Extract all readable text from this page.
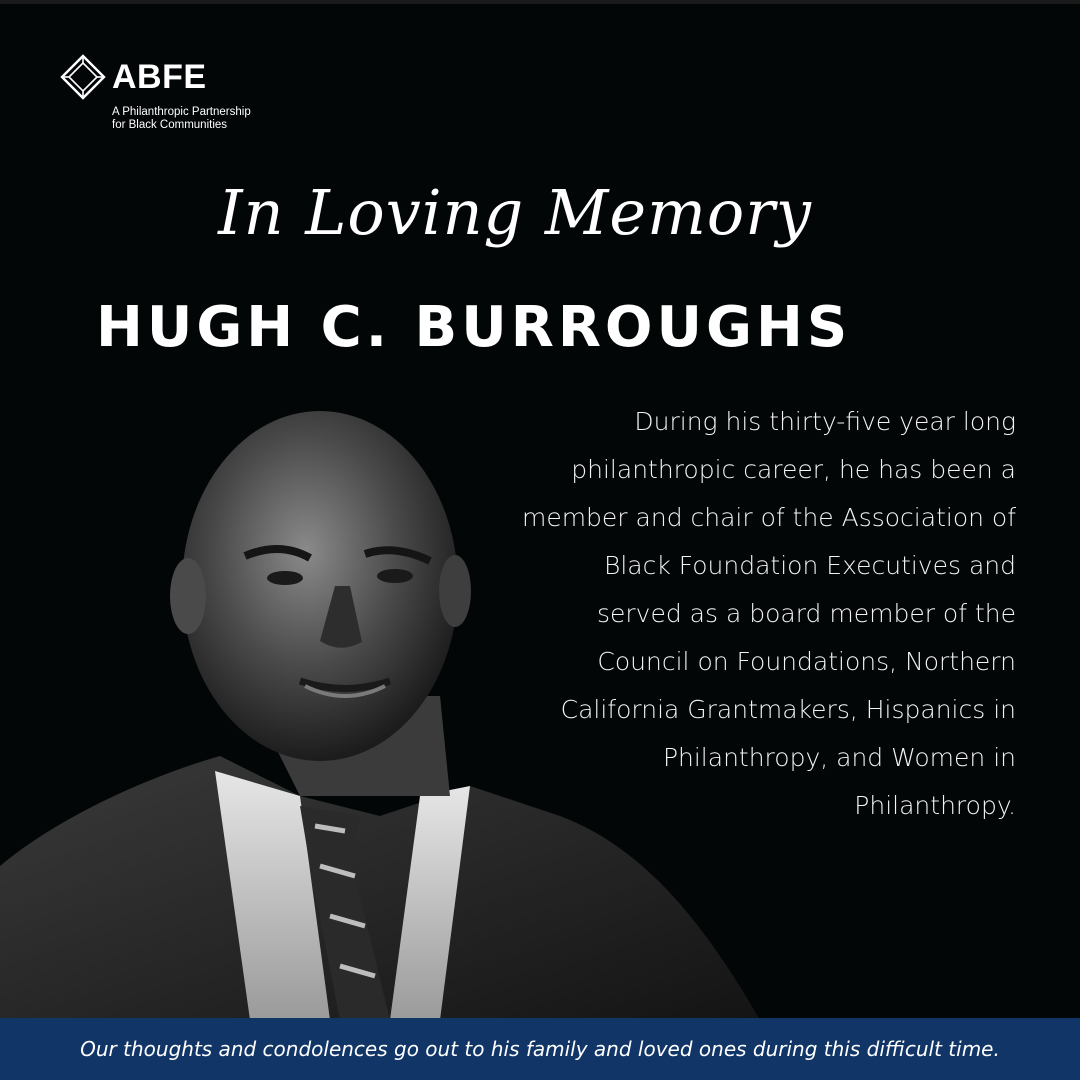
ABFE
A Philanthropic Partnership
for Black Communities
In Loving Memory
HUGH C. BURROUGHS
During his thirty-five year long philanthropic career, he has been a member and chair of the Association of Black Foundation Executives and served as a board member of the Council on Foundations, Northern California Grantmakers, Hispanics in Philanthropy, and Women in Philanthropy.
Our thoughts and condolences go out to his family and loved ones during this difficult time.
